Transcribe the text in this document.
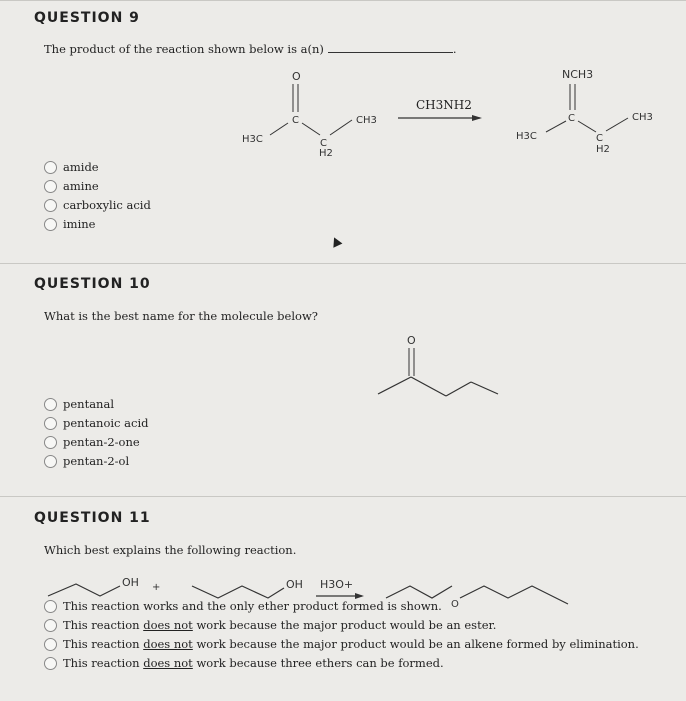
QUESTION 9
The product of the reaction shown below is a(n)	.
O
C
H3C	C
H2
CH3
NCH3
C
H3C	C
H2
CH3
CH3NH2
amide
amine
carboxylic acid
imine
QUESTION 10
What is the best name for the molecule below?
O
pentanal
pentanoic acid
pentan-2-one
pentan-2-ol
QUESTION 11
Which best explains the following reaction.
OH +	OH H3O+
O
This reaction works and the only ether product formed is shown.
This reaction does not work because the major product would be an ester.
This reaction does not work because the major product would be an alkene formed by elimination.
This reaction does not work because three ethers can be formed.
